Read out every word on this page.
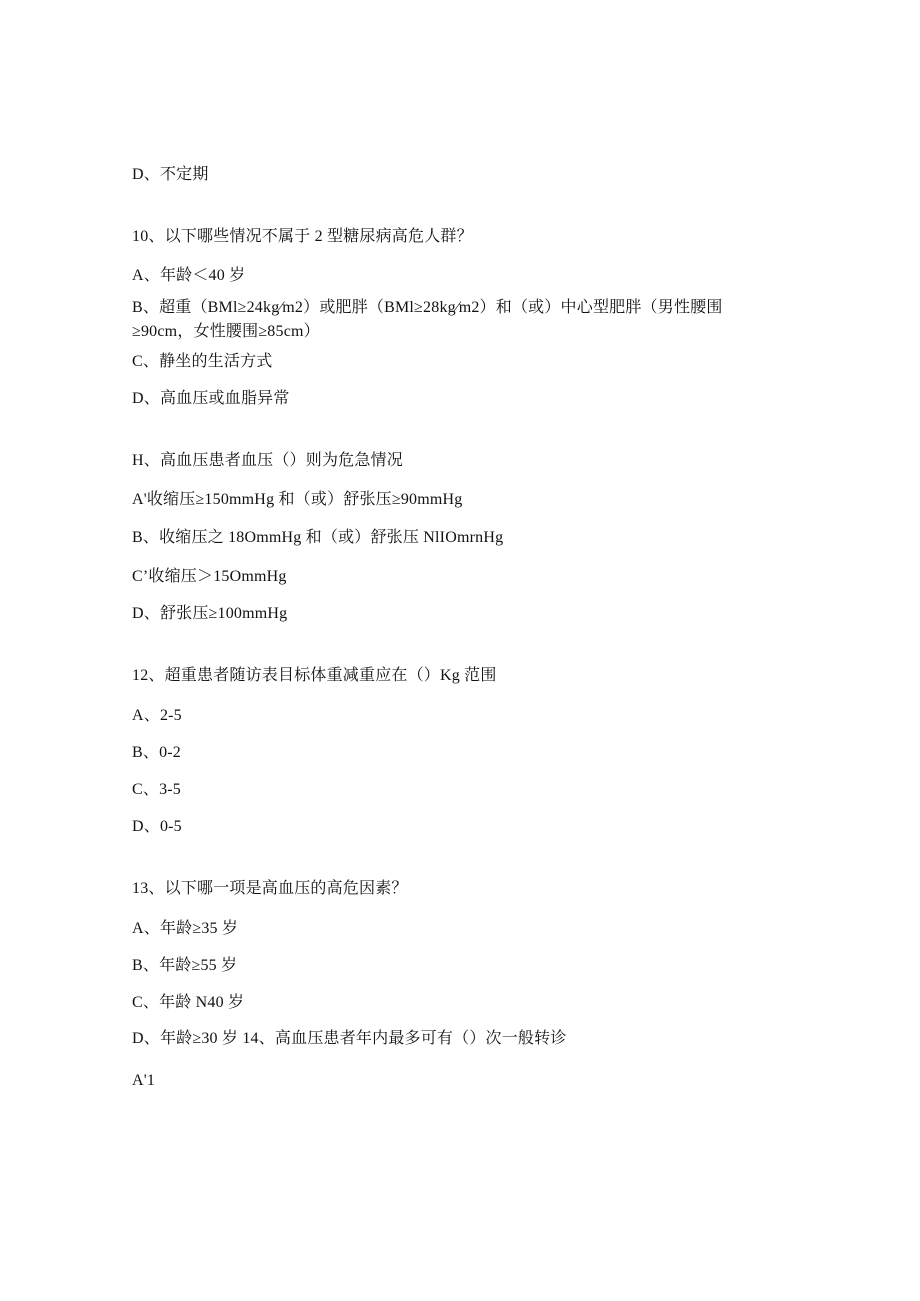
D、不定期
10、以下哪些情况不属于 2 型糖尿病高危人群？
A、年龄＜40 岁
B、超重（BMl≥24kg∕m2）或肥胖（BMl≥28kg∕m2）和（或）中心型肥胖（男性腰围≥90cm，女性腰围≥85cm）
C、静坐的生活方式
D、高血压或血脂异常
H、高血压患者血压（）则为危急情况
A'收缩压≥150mmHg 和（或）舒张压≥90mmHg
B、收缩压之 18OmmHg 和（或）舒张压 NlIOmrnHg
C’收缩压＞15OmmHg
D、舒张压≥100mmHg
12、超重患者随访表目标体重减重应在（）Kg 范围
A、2-5
B、0-2
C、3-5
D、0-5
13、以下哪一项是高血压的高危因素？
A、年龄≥35 岁
B、年龄≥55 岁
C、年龄 N40 岁
D、年龄≥30 岁 14、高血压患者年内最多可有（）次一般转诊
A'1
